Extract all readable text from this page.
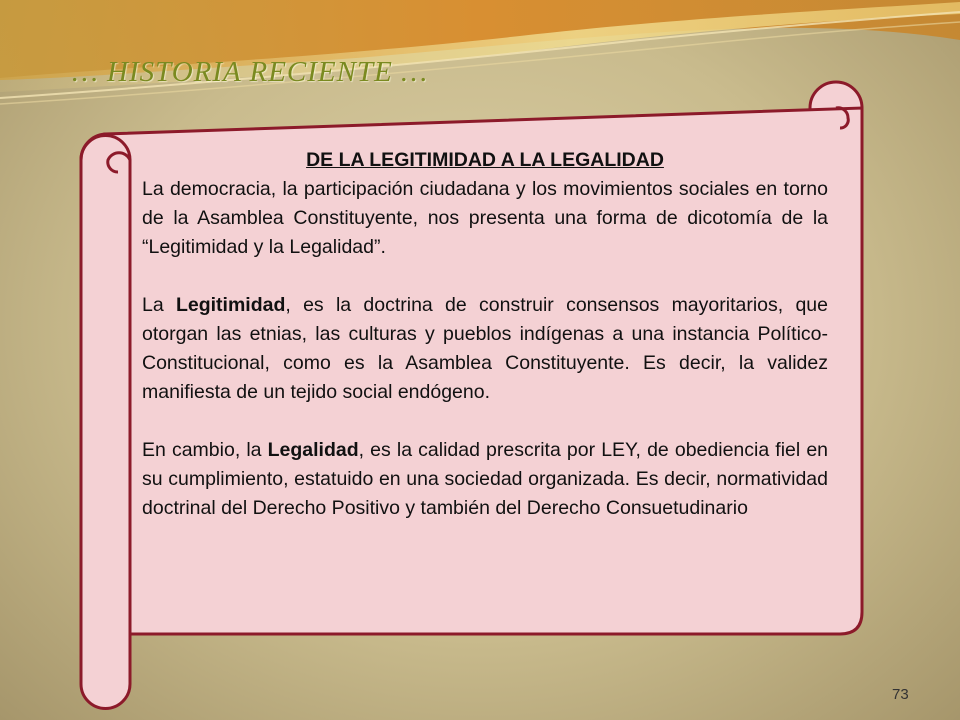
… HISTORIA RECIENTE …

DE LA LEGITIMIDAD A LA LEGALIDAD

La democracia, la participación ciudadana y los movimientos sociales en torno de la Asamblea Constituyente, nos presenta una forma de dicotomía de la “Legitimidad y la Legalidad”.

La Legitimidad, es la doctrina de construir consensos mayoritarios, que otorgan las etnias, las culturas y pueblos indígenas a una instancia Político-Constitucional, como es la Asamblea Constituyente. Es decir, la validez manifiesta de un tejido social endógeno.

En cambio, la Legalidad, es la calidad prescrita por LEY, de obediencia fiel en su cumplimiento, estatuido en una sociedad organizada. Es decir, normatividad doctrinal del Derecho Positivo y también del Derecho Consuetudinario

73
